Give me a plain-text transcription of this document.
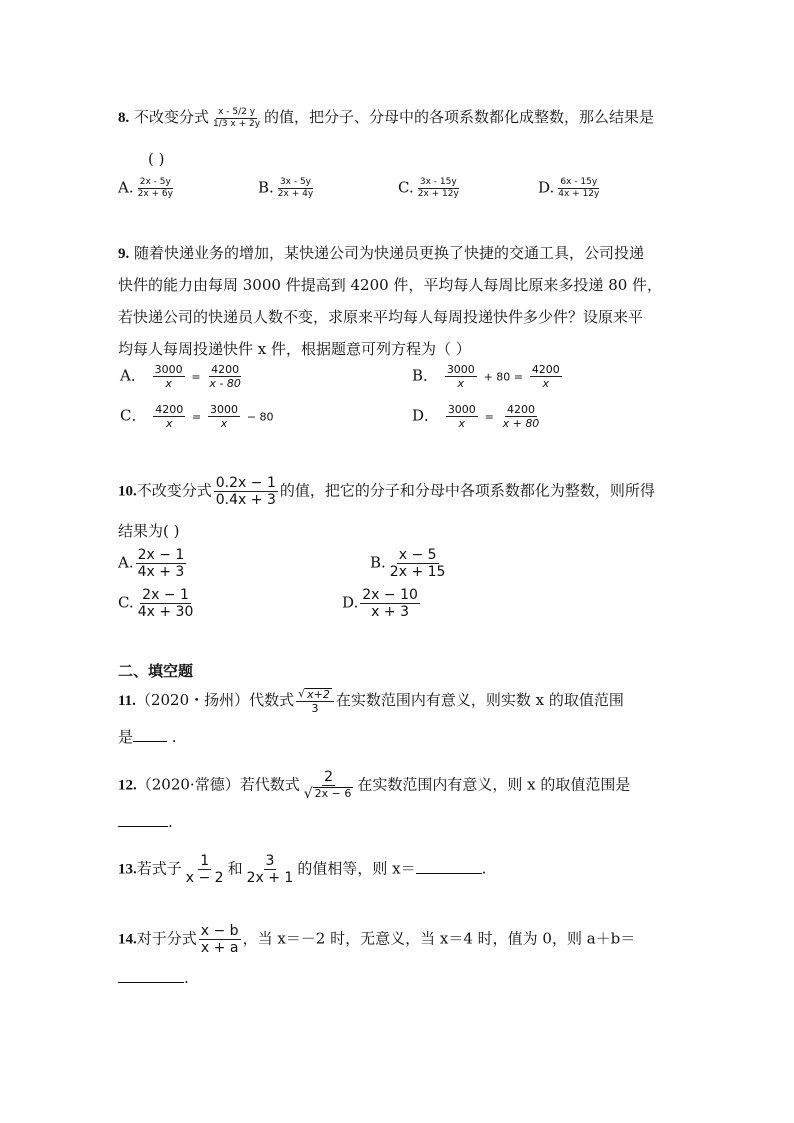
8. 不改变分式 $\frac{x - 5/2 y}{1/3 x + 2y}$ 的值，把分子、分母中的各项系数都化成整数，那么结果是
( )
A. $\frac{2x - 5y}{2x + 6y}$	B. $\frac{3x - 5y}{2x + 4y}$	C. $\frac{3x - 15y}{2x + 12y}$	D. $\frac{6x - 15y}{4x + 12y}$
9. 随着快递业务的增加，某快递公司为快递员更换了快捷的交通工具，公司投递
快件的能力由每周 3000 件提高到 4200 件，平均每人每周比原来多投递 80 件，
若快递公司的快递员人数不变，求原来平均每人每周投递快件多少件？设原来平
均每人每周投递快件 x 件，根据题意可列方程为（ ）
A． $\frac{3000}{x} = \frac{4200}{x - 80}$	B． $\frac{3000}{x} + 80 = \frac{4200}{x}$
C． $\frac{4200}{x} = \frac{3000}{x} - 80$	D． $\frac{3000}{x} = \frac{4200}{x + 80}$
10.不改变分式 $\frac{0.2x - 1}{0.4x + 3}$ 的值，把它的分子和分母中各项系数都化为整数，则所得
结果为( )
A. $\frac{2x - 1}{4x + 3}$	B. $\frac{x - 5}{2x + 15}$
C. $\frac{2x - 1}{4x + 30}$	D. $\frac{2x - 10}{x + 3}$
二、填空题
11.（2020・扬州）代数式 $\frac{√ x+2}{3}$ 在实数范围内有意义，则实数 x 的取值范围
是	.
12.（2020·常德）若代数式 $\frac{2}{√ 2x - 6}$ 在实数范围内有意义，则 x 的取值范围是
.
13.若式子 $\frac{1}{x - 2}$ 和 $\frac{3}{2x + 1}$ 的值相等，则 x＝	.
14.对于分式 $\frac{x - b}{x + a}$ ，当 x＝－2 时，无意义，当 x＝4 时，值为 0，则 a＋b＝
.
